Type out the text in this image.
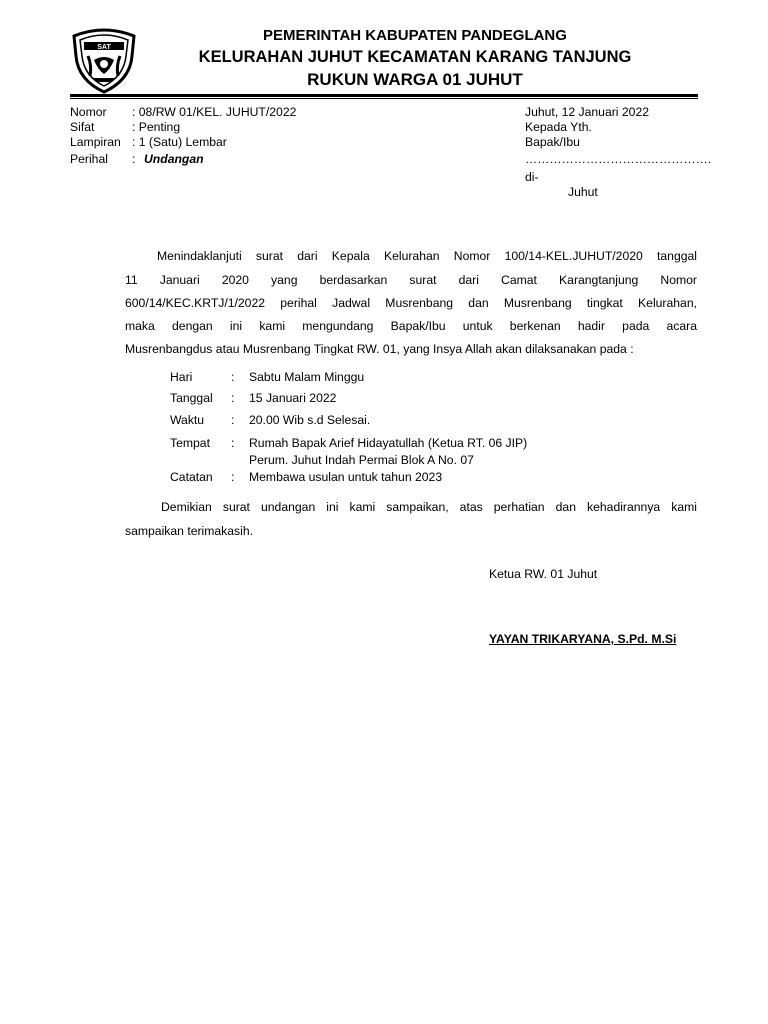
SAT
PEMERINTAH KABUPATEN PANDEGLANG
KELURAHAN JUHUT KECAMATAN KARANG TANJUNG
RUKUN WARGA 01 JUHUT
Nomor : 08/RW 01/KEL. JUHUT/2022
Sifat	: Penting
Lampiran : 1 (Satu) Lembar
Perihal : Undangan
Juhut, 12 Januari 2022
Kepada Yth.
Bapak/Ibu
……………………………………….
di-
Juhut
Menindaklanjuti surat dari Kepala Kelurahan Nomor 100/14-KEL.JUHUT/2020 tanggal
11 Januari 2020 yang berdasarkan surat dari Camat Karangtanjung Nomor
600/14/KEC.KRTJ/1/2022 perihal Jadwal Musrenbang dan Musrenbang tingkat Kelurahan,
maka dengan ini kami mengundang Bapak/Ibu untuk berkenan hadir pada acara
Musrenbangdus atau Musrenbang Tingkat RW. 01, yang Insya Allah akan dilaksanakan pada :
Hari	: Sabtu Malam Minggu
Tanggal : 15 Januari 2022
Waktu : 20.00 Wib s.d Selesai.
Tempat : Rumah Bapak Arief Hidayatullah (Ketua RT. 06 JIP)
Perum. Juhut Indah Permai Blok A No. 07
Catatan : Membawa usulan untuk tahun 2023
Demikian surat undangan ini kami sampaikan, atas perhatian dan kehadirannya kami
sampaikan terimakasih.
Ketua RW. 01 Juhut
YAYAN TRIKARYANA, S.Pd. M.Si
